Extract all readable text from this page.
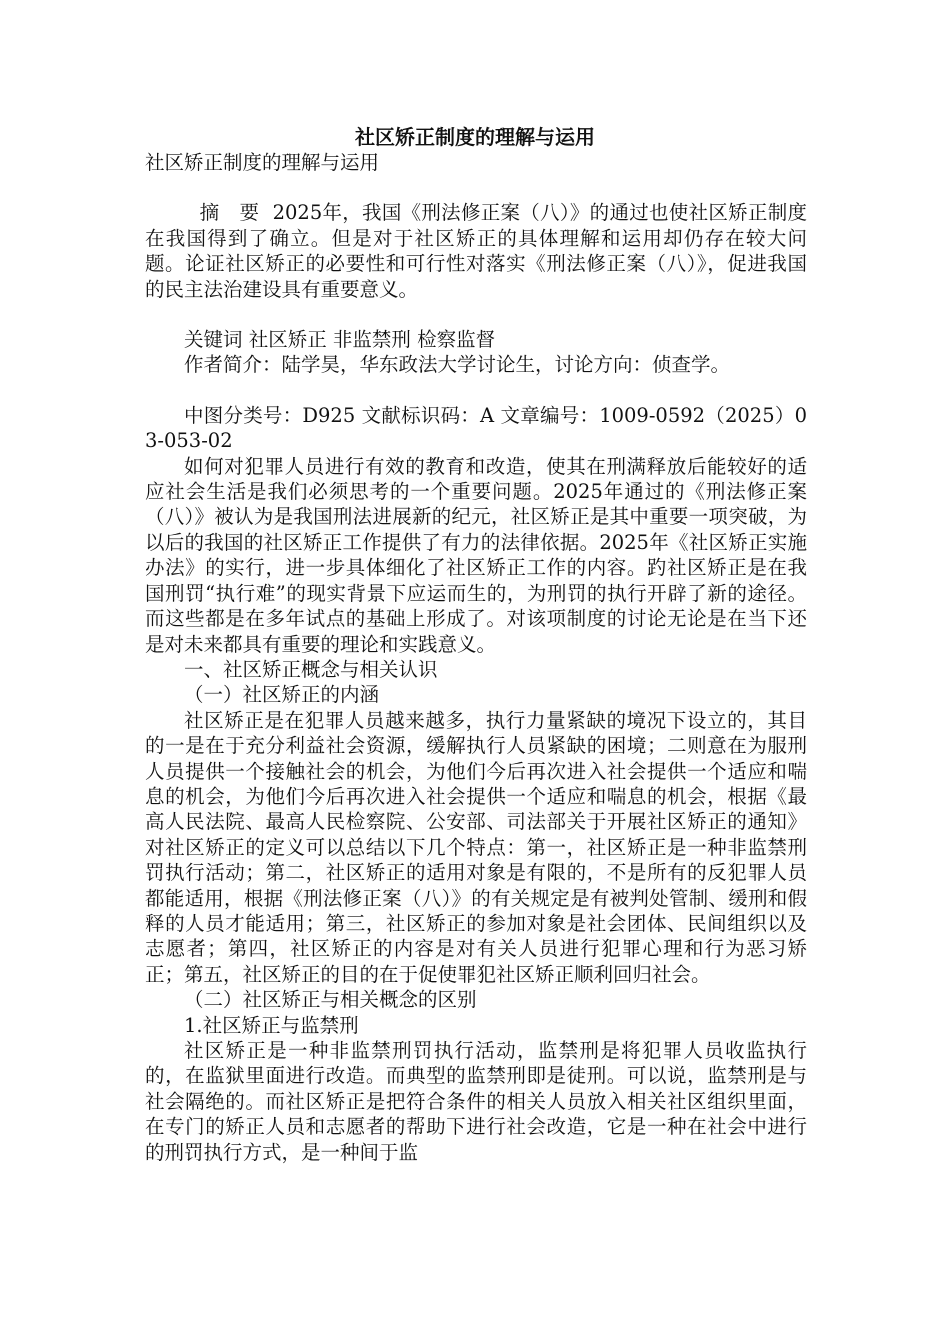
社区矫正制度的理解与运用

社区矫正制度的理解与运用

摘 要 2025年，我国《刑法修正案（八）》的通过也使社区矫正制度在我国得到了确立。但是对于社区矫正的具体理解和运用却仍存在较大问题。论证社区矫正的必要性和可行性对落实《刑法修正案（八）》，促进我国的民主法治建设具有重要意义。

关键词 社区矫正 非监禁刑 检察监督

作者简介：陆学昊，华东政法大学讨论生，讨论方向：侦查学。

中图分类号：D925 文献标识码：A 文章编号：1009-0592（2025）03-053-02

如何对犯罪人员进行有效的教育和改造，使其在刑满释放后能较好的适应社会生活是我们必须思考的一个重要问题。2025年通过的《刑法修正案（八）》被认为是我国刑法进展新的纪元，社区矫正是其中重要一项突破，为以后的我国的社区矫正工作提供了有力的法律依据。2025年《社区矫正实施办法》的实行，进一步具体细化了社区矫正工作的内容。趵社区矫正是在我国刑罚“执行难”的现实背景下应运而生的，为刑罚的执行开辟了新的途径。而这些都是在多年试点的基础上形成了。对该项制度的讨论无论是在当下还是对未来都具有重要的理论和实践意义。

一、社区矫正概念与相关认识

（一）社区矫正的内涵

社区矫正是在犯罪人员越来越多，执行力量紧缺的境况下设立的，其目的一是在于充分利益社会资源，缓解执行人员紧缺的困境；二则意在为服刑人员提供一个接触社会的机会，为他们今后再次进入社会提供一个适应和喘息的机会，为他们今后再次进入社会提供一个适应和喘息的机会，根据《最高人民法院、最高人民检察院、公安部、司法部关于开展社区矫正的通知》对社区矫正的定义可以总结以下几个特点：第一，社区矫正是一种非监禁刑罚执行活动；第二，社区矫正的适用对象是有限的，不是所有的反犯罪人员都能适用，根据《刑法修正案（八）》的有关规定是有被判处管制、缓刑和假释的人员才能适用；第三，社区矫正的参加对象是社会团体、民间组织以及志愿者；第四，社区矫正的内容是对有关人员进行犯罪心理和行为恶习矫正；第五，社区矫正的目的在于促使罪犯社区矫正顺利回归社会。

（二）社区矫正与相关概念的区别

1.社区矫正与监禁刑

社区矫正是一种非监禁刑罚执行活动，监禁刑是将犯罪人员收监执行的，在监狱里面进行改造。而典型的监禁刑即是徒刑。可以说，监禁刑是与社会隔绝的。而社区矫正是把符合条件的相关人员放入相关社区组织里面，在专门的矫正人员和志愿者的帮助下进行社会改造，它是一种在社会中进行的刑罚执行方式，是一种间于监
